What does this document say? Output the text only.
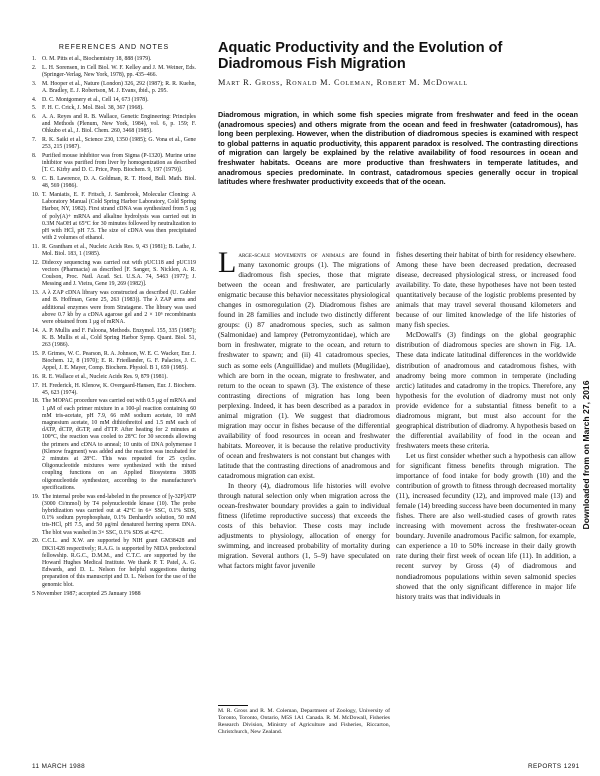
REFERENCES AND NOTES

1. O. M. Pitts et al., Biochemistry 18, 888 (1979).

2. L. H. Sorensen, in Cell Biol. W. F. Kelley and J. M. Weiner, Eds. (Springer-Verlag, New York, 1978), pp. 435–466.

3. M. Hooper et al., Nature (London) 326, 292 (1987); R. R. Kuehn, A. Bradley, E. J. Robertson, M. J. Evans, ibid., p. 295.

4. D. C. Montgomery et al., Cell 14, 673 (1978).

5. F. H. C. Crick, J. Mol. Biol. 38, 367 (1968).

6. A. A. Reyes and R. B. Wallace, Genetic Engineering: Principles and Methods (Plenum, New York, 1984), vol. 6, p. 159; F. Ohkubo et al., J. Biol. Chem. 260, 3468 (1985).

7. R. K. Saiki et al., Science 230, 1350 (1985); G. Vona et al., Gene 253, 215 (1987).

8. Purified mouse inhibitor was from Sigma (P-1320). Murine urine inhibitor was purified from liver by homogenization as described [T. C. Kirby and D. C. Price, Prep. Biochem. 9, 197 (1979)].

9. C. B. Lawrence, D. A. Goldman, R. T. Hood, Bull. Math. Biol. 48, 569 (1986).

10. T. Maniatis, E. F. Fritsch, J. Sambrook, Molecular Cloning: A Laboratory Manual (Cold Spring Harbor Laboratory, Cold Spring Harbor, NY, 1982). First strand cDNA was synthesized from 5 μg of poly(A)+ mRNA and alkaline hydrolysis was carried out in 0.3M NaOH at 65°C for 30 minutes followed by neutralization to pH with HCl, pH 7.5. The size of cDNA was then precipitated with 2 volumes of ethanol.

11. R. Grantham et al., Nucleic Acids Res. 9, 43 (1981); B. Lathe, J. Mol. Biol. 183, 1 (1985).

12. Dideoxy sequencing was carried out with pUC118 and pUC119 vectors (Pharmacia) as described [F. Sanger, S. Nicklen, A. R. Coulson, Proc. Natl. Acad. Sci. U.S.A. 74, 5463 (1977); J. Messing and J. Vieira, Gene 19, 269 (1982)].

13. A λ ZAP cDNA library was constructed as described (U. Gubler and B. Hoffman, Gene 25, 263 (1983)). The λ ZAP arms and additional enzymes were from Stratagene. The library was used above 0.7 kb by a cDNA agarose gel and 2 × 10⁶ recombinants were obtained from 1 μg of mRNA.

14. A. P. Mullis and F. Faloona, Methods. Enzymol. 155, 335 (1987); K. B. Mullis et al., Cold Spring Harbor Symp. Quant. Biol. 51, 263 (1986).

15. P. Grimes, W. C. Pearson, R. A. Johnson, W. E. C. Wacker, Eur. J. Biochem. 12, 8 (1970); E. R. Friedlander, G. F. Palacios, J. C. Appel, J. E. Mayer, Comp. Biochem. Physiol. B 1, 659 (1985).

16. R. E. Wallace et al., Nucleic Acids Res. 9, 879 (1981).

17. H. Frederick, H. Klenow, K. Overgaard-Hansen, Eur. J. Biochem. 45, 623 (1974).

18. The MOPAC procedure was carried out with 0.5 μg of mRNA and 1 μM of each primer mixture in a 100-μl reaction containing 60 mM tris-acetate, pH 7.9, 66 mM sodium acetate, 10 mM magnesium acetate, 10 mM dithiothreitol and 1.5 mM each of dATP, dCTP, dGTP, and dTTP. After heating for 2 minutes at 100°C, the reaction was cooled to 28°C for 30 seconds allowing the primers and cDNA to anneal; 10 units of DNA polymerase I (Klenow fragment) was added and the reaction was incubated for 2 minutes at 28°C. This was repeated for 25 cycles. Oligonucleotide mixtures were synthesized with the mixed coupling functions on an Applied Biosystems 380B oligonucleotide synthesizer, according to the manufacturer's specifications.

19. The internal probe was end-labeled in the presence of [γ-32P]ATP (3000 Ci/mmol) by T4 polynucleotide kinase (10). The probe hybridization was carried out at 42°C in 6× SSC, 0.1% SDS, 0.1% sodium pyrophosphate, 0.1% Denhardt's solution, 50 mM tris-HCl, pH 7.5, and 50 μg/ml denatured herring sperm DNA. The blot was washed in 3× SSC, 0.1% SDS at 42°C.

20. C.C.L. and X.W. are supported by NIH grant GM38428 and DK31428 respectively; R.A.G. is supported by NIDA predoctoral fellowship. R.G.C., D.M.M., and C.T.C. are supported by the Howard Hughes Medical Institute. We thank P. T. Patel, A. G. Edwards, and D. L. Nelson for helpful suggestions during preparation of this manuscript and D. L. Nelson for the use of the genomic blot.

5 November 1987; accepted 25 January 1988
Aquatic Productivity and the Evolution of Diadromous Fish Migration
Mart R. Gross, Ronald M. Coleman, Robert M. McDowall

Diadromous migration, in which some fish species migrate from freshwater and feed in the ocean (anadromous species) and others migrate from the ocean and feed in freshwater (catadromous), has long been perplexing. However, when the distribution of diadromous species is examined with respect to global patterns in aquatic productivity, this apparent paradox is resolved. The contrasting directions of migration can largely be explained by the relative availability of food resources in ocean and freshwater habitats. Oceans are more productive than freshwaters in temperate latitudes, and anadromous species predominate. In contrast, catadromous species generally occur in tropical latitudes where freshwater productivity exceeds that of the ocean.

Large-scale movements of animals are found in many taxonomic groups (1). The migrations of diadromous fish species, those that migrate between the ocean and freshwater, are particularly enigmatic because this behavior necessitates physiological changes in osmoregulation (2). Diadromous fishes are found in 28 families and include two distinctly different groups: (i) 87 anadromous species, such as salmon (Salmonidae) and lamprey (Petromyzontidae), which are born in freshwater, migrate to the ocean, and return to freshwater to spawn; and (ii) 41 catadromous species, such as some eels (Anguillidae) and mullets (Mugilidae), which are born in the ocean, migrate to freshwater, and return to the ocean to spawn (3). The existence of these contrasting directions of migration has long been perplexing. Indeed, it has been described as a paradox in animal migration (1). We suggest that diadromous migration may occur in fishes because of the differential availability of food resources in ocean and freshwater habitats. Moreover, it is because the relative productivity of ocean and freshwaters is not constant but changes with latitude that the contrasting directions of anadromous and catadromous migration can exist.

In theory (4), diadromous life histories will evolve through natural selection only when migration across the ocean-freshwater boundary provides a gain to individual fitness (lifetime reproductive success) that exceeds the costs of this behavior. These costs may include adjustments to physiology, allocation of energy for swimming, and increased probability of mortality during migration. Several authors (1, 5–9) have speculated on what factors might favor juvenile

fishes deserting their habitat of birth for residency elsewhere. Among these have been decreased predation, decreased disease, decreased physiological stress, or increased food availability. To date, these hypotheses have not been tested quantitatively because of the logistic problems presented by animals that may travel several thousand kilometers and because of our limited knowledge of the life histories of many fish species.

McDowall's (3) findings on the global geographic distribution of diadromous species are shown in Fig. 1A. These data indicate latitudinal differences in the worldwide distribution of anadromous and catadromous fishes, with anadromy being more common in temperate (including arctic) latitudes and catadromy in the tropics. Therefore, any hypothesis for the evolution of diadromy must not only provide evidence for a substantial fitness benefit to a diadromous migrant, but must also account for the geographical distribution of diadromy. A hypothesis based on the differential availability of food in the ocean and freshwaters meets these criteria.

Let us first consider whether such a hypothesis can allow for significant fitness benefits through migration. The importance of food intake for body growth (10) and the contribution of growth to fitness through decreased mortality (11), increased fecundity (12), and improved male (13) and female (14) breeding success have been documented in many fishes. There are also well-studied cases of growth rates increasing with movement across the freshwater-ocean boundary. Juvenile anadromous Pacific salmon, for example, can experience a 10 to 50% increase in their daily growth rate during their first week of ocean life (11). In addition, a recent survey by Gross (4) of diadromous and nondiadromous populations within seven salmonid species showed that the only significant difference in major life history traits was that individuals in

M. R. Gross and R. M. Coleman, Department of Zoology, University of Toronto, Toronto, Ontario, M5S 1A1 Canada. R. M. McDowall, Fisheries Research Division, Ministry of Agriculture and Fisheries, Riccarton, Christchurch, New Zealand.

Downloaded from on March 27, 2016
11 MARCH 1988	REPORTS 1291
